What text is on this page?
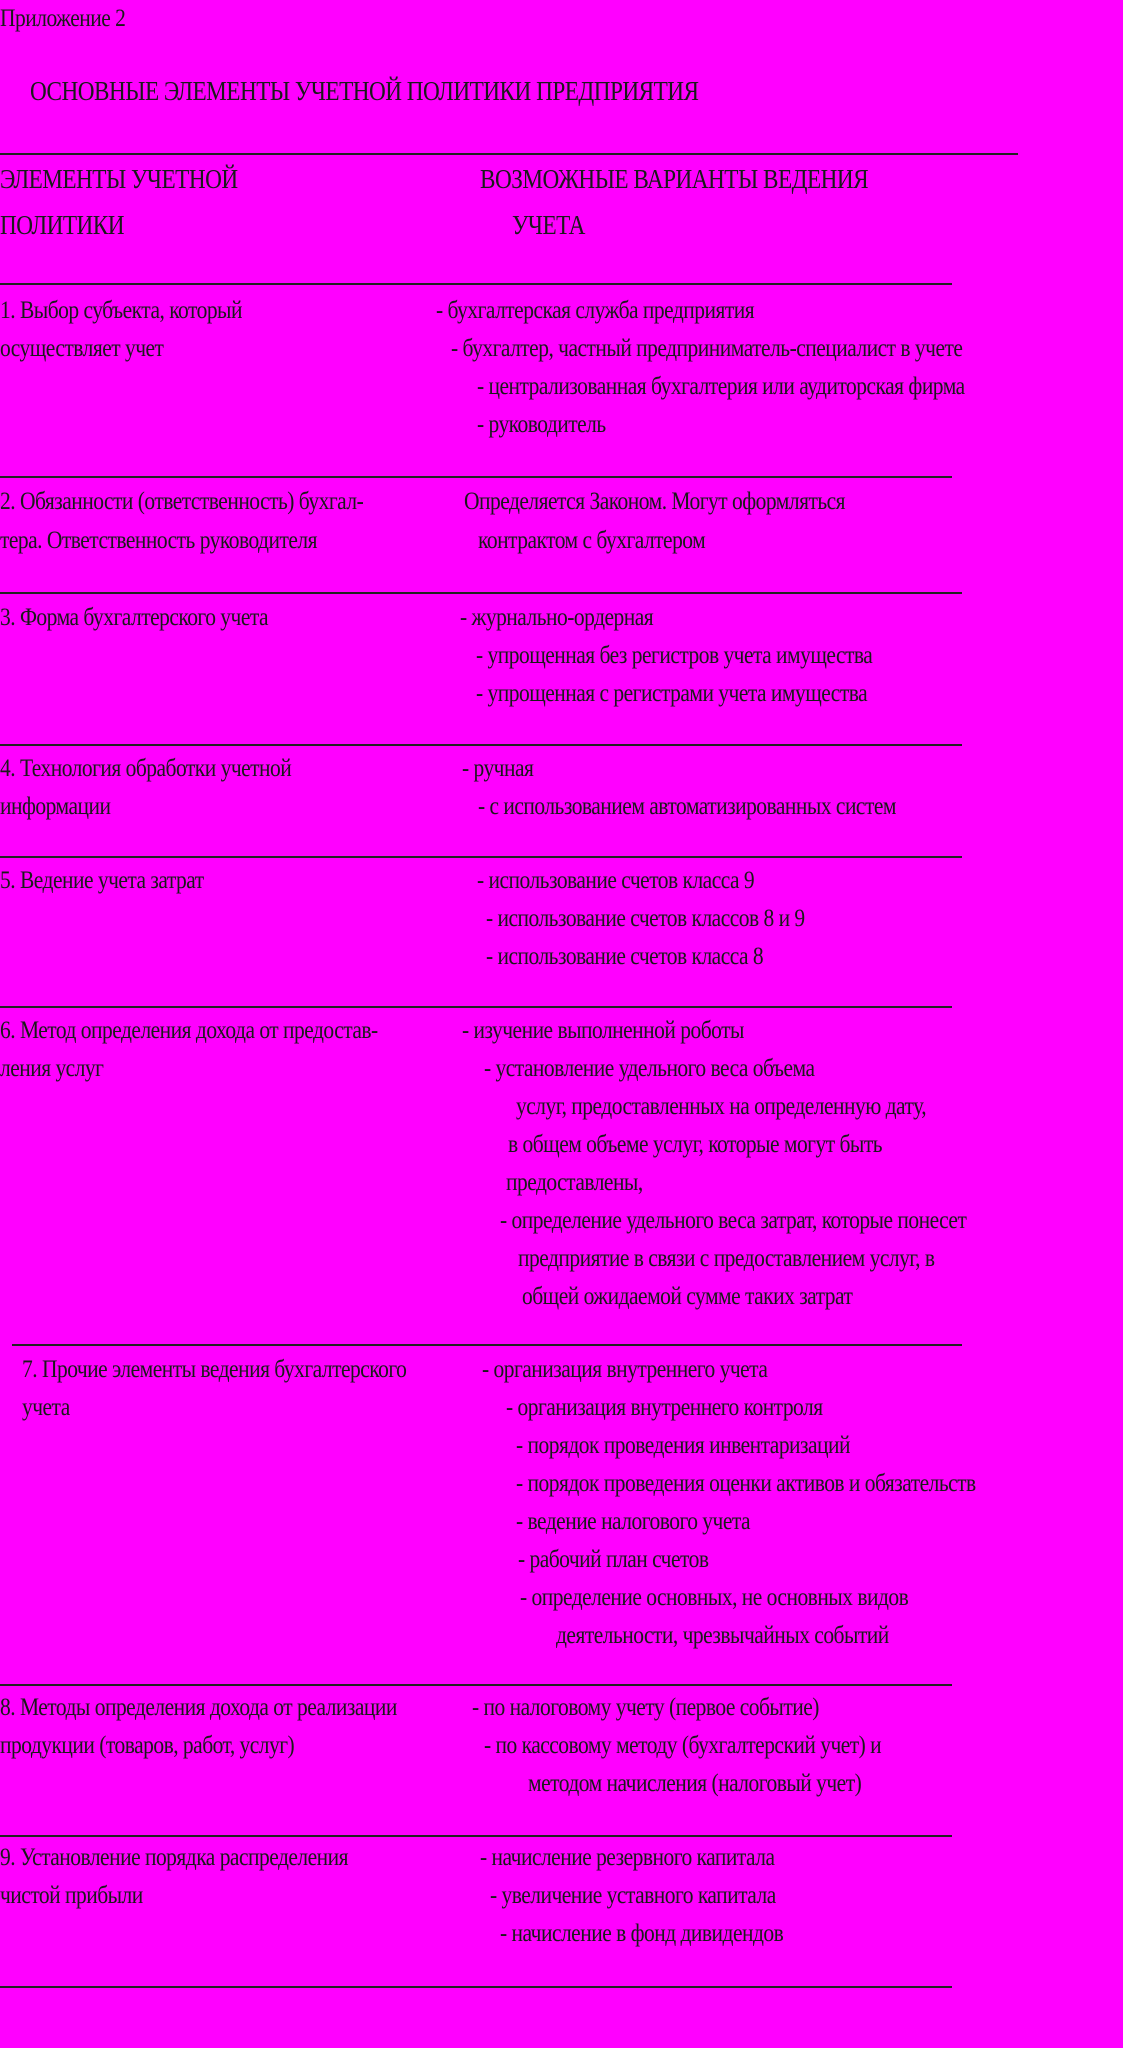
Приложение 2
ОСНОВНЫЕ ЭЛЕМЕНТЫ УЧЕТНОЙ ПОЛИТИКИ ПРЕДПРИЯТИЯ
ЭЛЕМЕНТЫ УЧЕТНОЙ
ПОЛИТИКИ
ВОЗМОЖНЫЕ ВАРИАНТЫ ВЕДЕНИЯ
УЧЕТА
1. Выбор субъекта, который
осуществляет учет
- бухгалтерская служба предприятия
- бухгалтер, частный предприниматель-специалист в учете
- централизованная бухгалтерия или аудиторская фирма
- руководитель
2. Обязанности (ответственность) бухгал-
тера. Ответственность руководителя
Определяется Законом. Могут оформляться
контрактом с бухгалтером
3. Форма бухгалтерского учета	- журнально-ордерная
- упрощенная без регистров учета имущества
- упрощенная с регистрами учета имущества
4. Технология обработки учетной
информации
- ручная
- с использованием автоматизированных систем
5. Ведение учета затрат	- использование счетов класса 9
- использование счетов классов 8 и 9
- использование счетов класса 8
6. Метод определения дохода от предостав-
ления услуг
- изучение выполненной роботы
- установление удельного веса объема
услуг, предоставленных на определенную дату,
в общем объеме услуг, которые могут быть
предоставлены,
- определение удельного веса затрат, которые понесет
предприятие в связи с предоставлением услуг, в
общей ожидаемой сумме таких затрат
7. Прочие элементы ведения бухгалтерского
учета
- организация внутреннего учета
- организация внутреннего контроля
- порядок проведения инвентаризаций
- порядок проведения оценки активов и обязательств
- ведение налогового учета
- рабочий план счетов
- определение основных, не основных видов
деятельности, чрезвычайных событий
8. Методы определения дохода от реализации
продукции (товаров, работ, услуг)
- по налоговому учету (первое событие)
- по кассовому методу (бухгалтерский учет) и
методом начисления (налоговый учет)
9. Установление порядка распределения
чистой прибыли
- начисление резервного капитала
- увеличение уставного капитала
- начисление в фонд дивидендов
